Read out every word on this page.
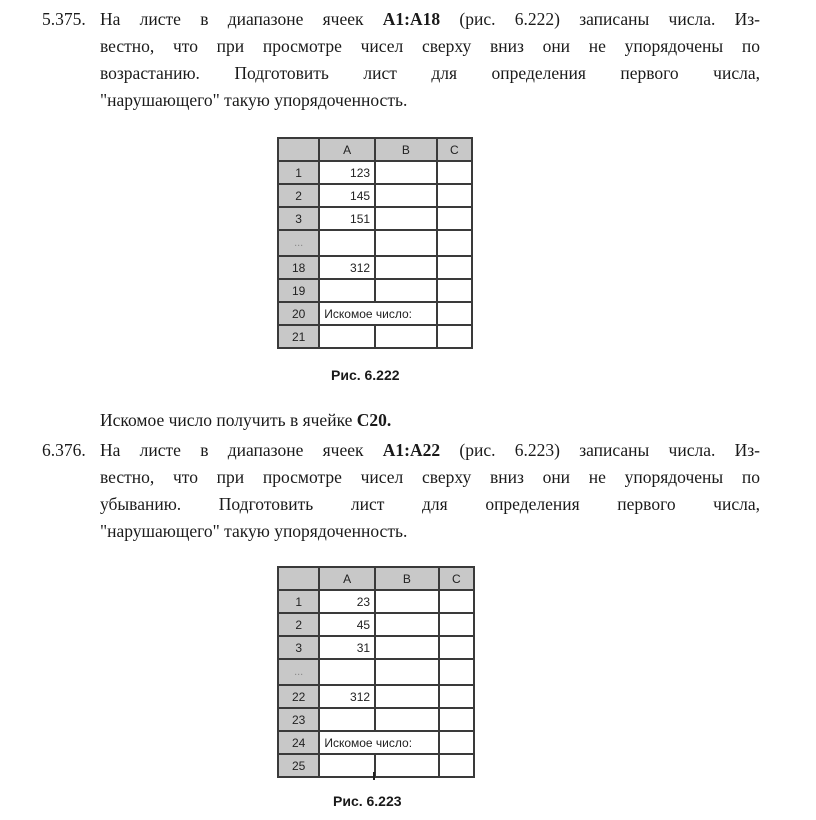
5.375. На листе в диапазоне ячеек A1:A18 (рис. 6.222) записаны числа. Из-
вестно, что при просмотре чисел сверху вниз они не упорядочены по
возрастанию. Подготовить лист для определения первого числа,
"нарушающего" такую упорядоченность.
	A	B	C
1	123		
2	145		
3	151		
...			
18	312		
19			
20	Искомое число:		
21			
Рис. 6.222
Искомое число получить в ячейке C20.
6.376. На листе в диапазоне ячеек A1:A22 (рис. 6.223) записаны числа. Из-
вестно, что при просмотре чисел сверху вниз они не упорядочены по
убыванию. Подготовить лист для определения первого числа,
"нарушающего" такую упорядоченность.
	A	B	C
1	23		
2	45		
3	31		
...			
22	312		
23			
24	Искомое число:		
25			
Рис. 6.223
